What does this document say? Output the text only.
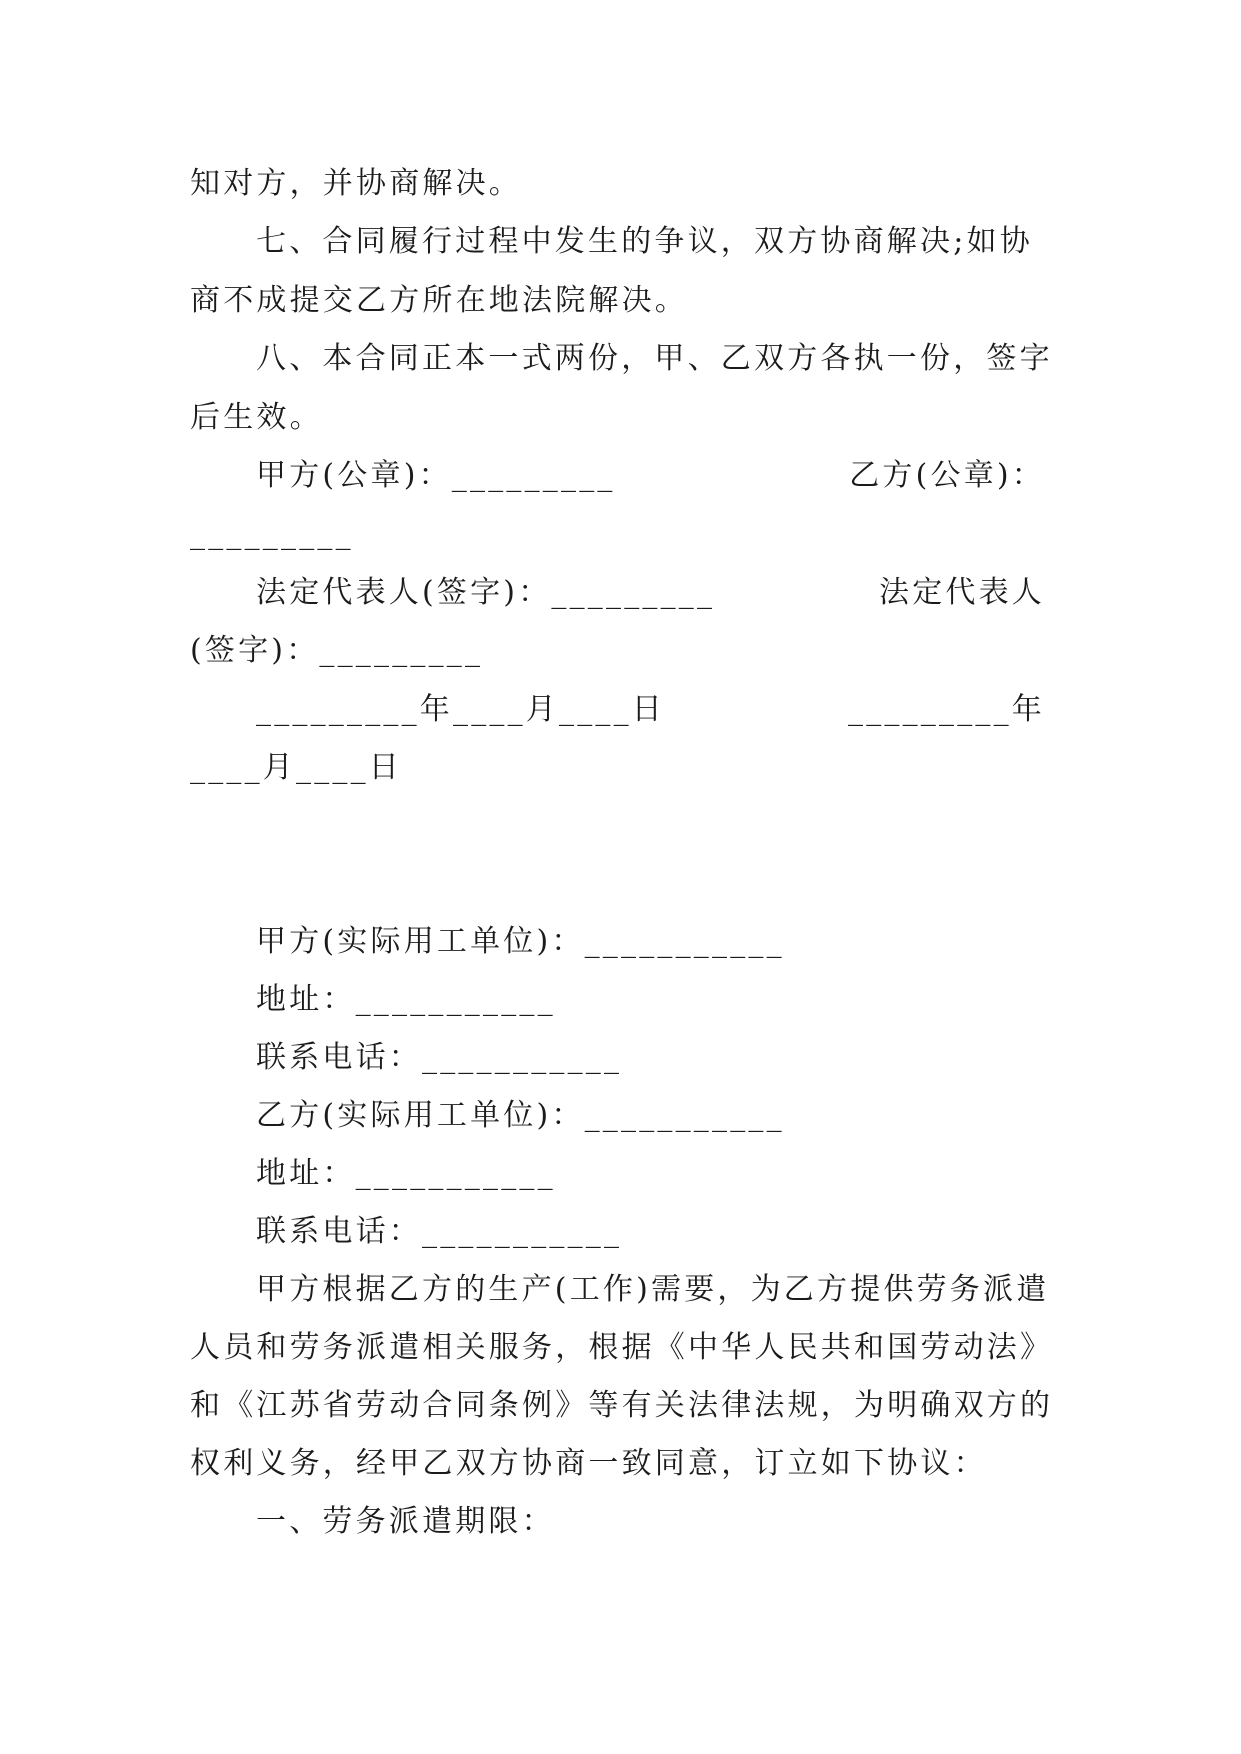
知对方，并协商解决。
七、合同履行过程中发生的争议，双方协商解决;如协
商不成提交乙方所在地法院解决。
八、本合同正本一式两份，甲、乙双方各执一份，签字
后生效。
甲方(公章)：_________	乙方(公章)：
_________
法定代表人(签字)：_________	法定代表人
(签字)：_________
_________年____月____日	_________年
____月____日
甲方(实际用工单位)：___________
地址：___________
联系电话：___________
乙方(实际用工单位)：___________
地址：___________
联系电话：___________
甲方根据乙方的生产(工作)需要，为乙方提供劳务派遣
人员和劳务派遣相关服务，根据《中华人民共和国劳动法》
和《江苏省劳动合同条例》等有关法律法规，为明确双方的
权利义务，经甲乙双方协商一致同意，订立如下协议：
一、劳务派遣期限：
